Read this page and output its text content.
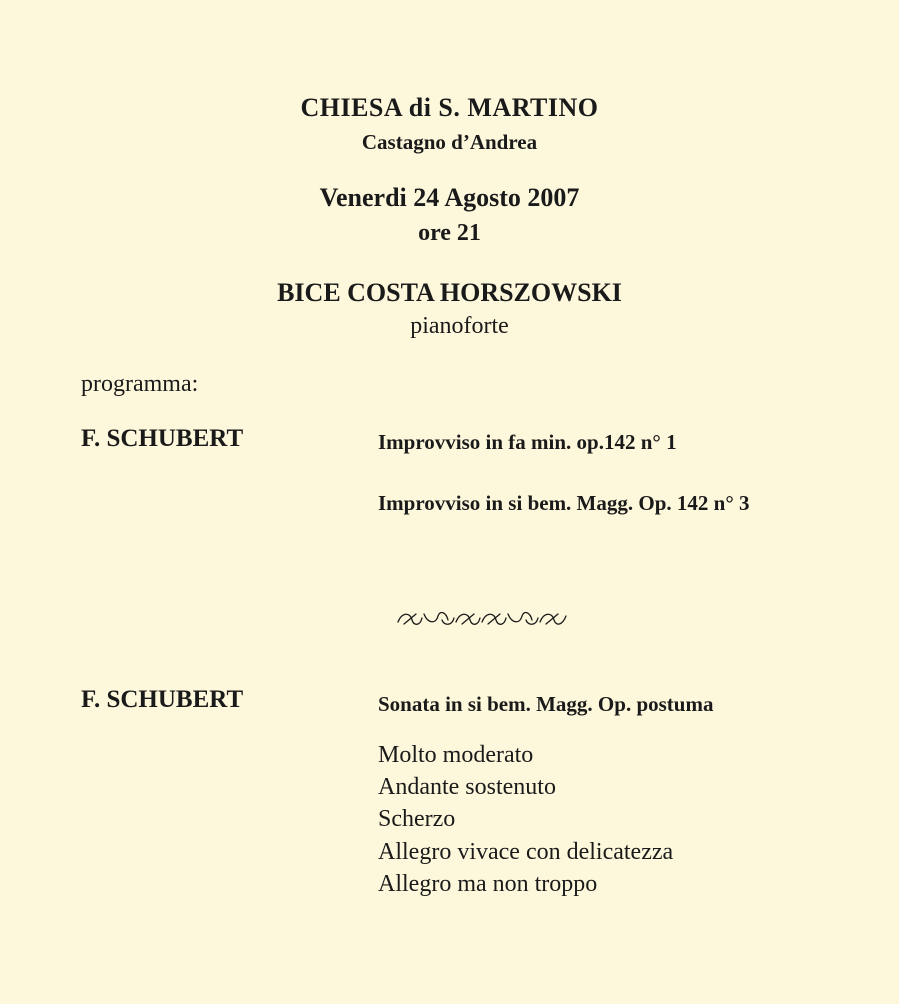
CHIESA di S. MARTINO

Castagno d’Andrea

Venerdi 24 Agosto 2007

ore 21

BICE COSTA HORSZOWSKI

pianoforte

programma:

F. SCHUBERT	Improvviso in fa min. op.142 n° 1

Improvviso in si bem. Magg. Op. 142 n° 3

F. SCHUBERT	Sonata in si bem. Magg. Op. postuma

Molto moderato

Andante sostenuto

Scherzo

Allegro vivace con delicatezza

Allegro ma non troppo
